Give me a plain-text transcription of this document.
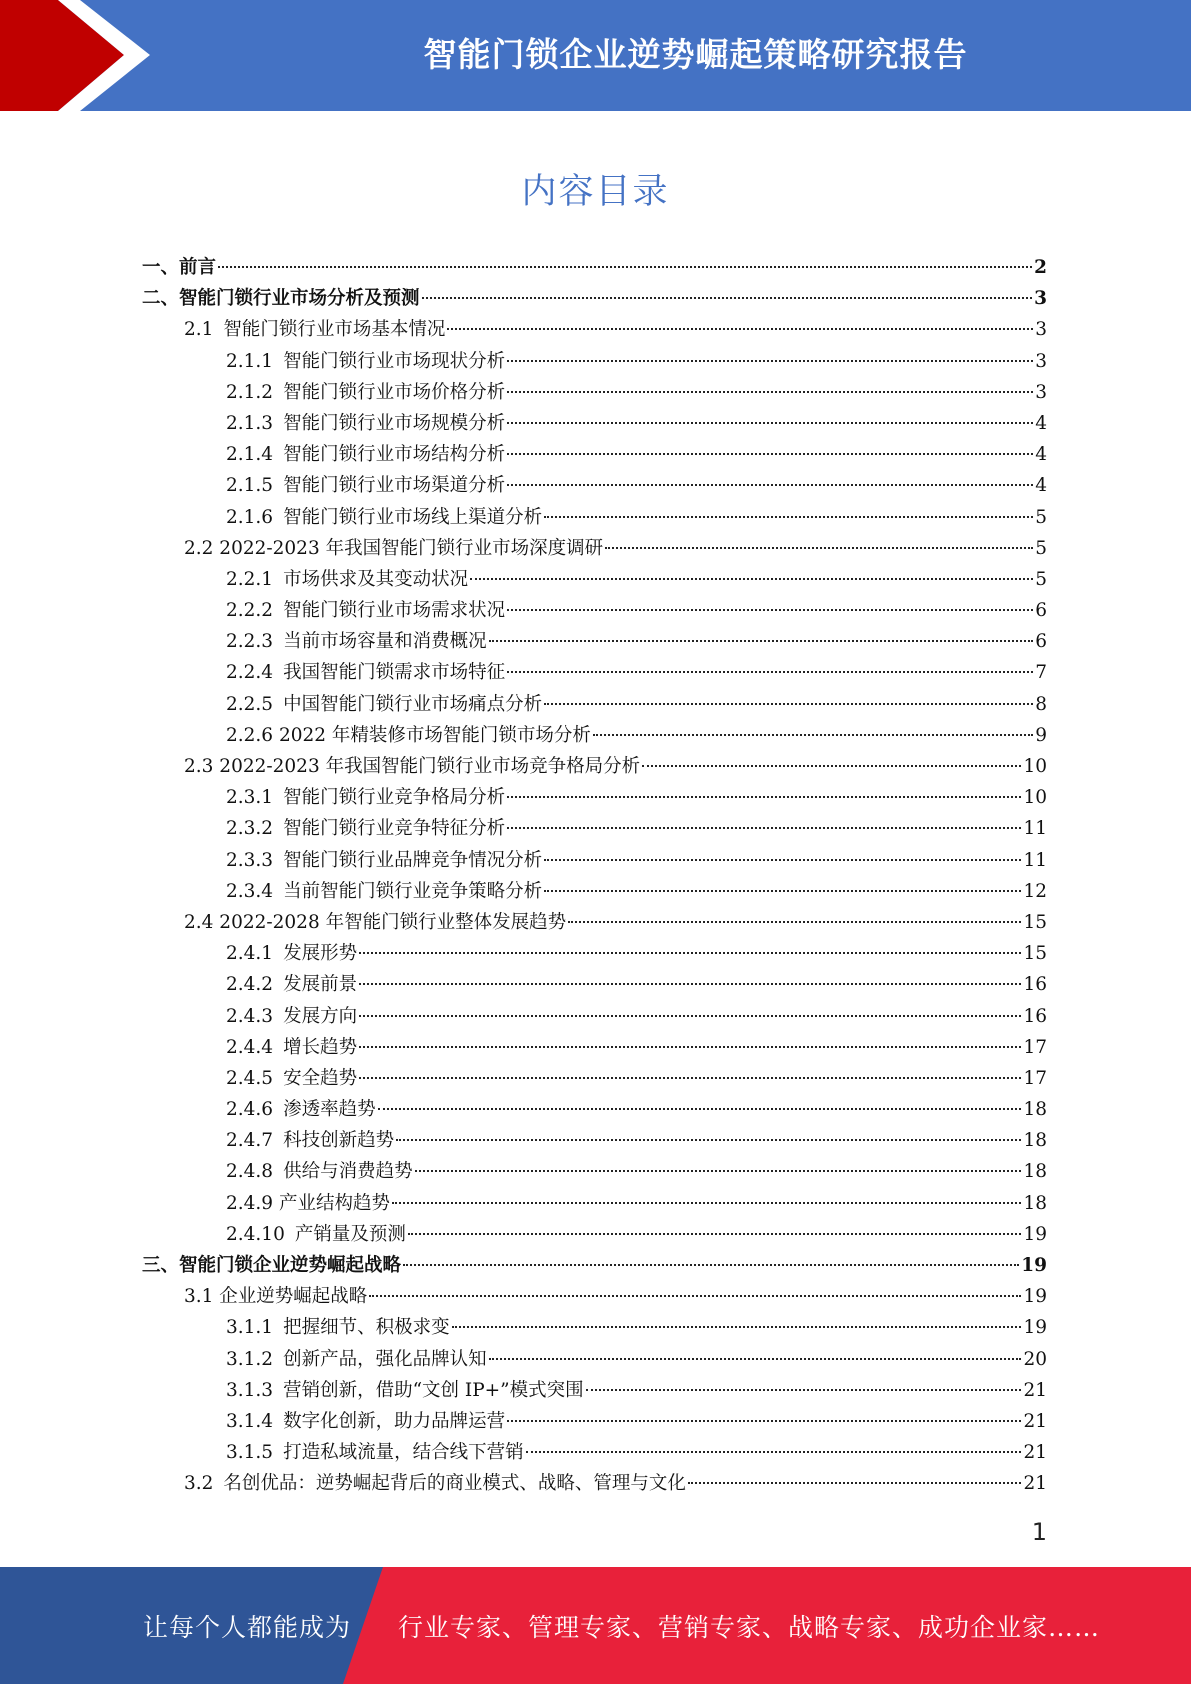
智能门锁企业逆势崛起策略研究报告
内容目录
一、前言	2
二、智能门锁行业市场分析及预测	3
2.1 智能门锁行业市场基本情况	3
2.1.1 智能门锁行业市场现状分析	3
2.1.2 智能门锁行业市场价格分析	3
2.1.3 智能门锁行业市场规模分析	4
2.1.4 智能门锁行业市场结构分析	4
2.1.5 智能门锁行业市场渠道分析	4
2.1.6 智能门锁行业市场线上渠道分析	5
2.2 2022-2023 年我国智能门锁行业市场深度调研	5
2.2.1 市场供求及其变动状况	5
2.2.2 智能门锁行业市场需求状况	6
2.2.3 当前市场容量和消费概况	6
2.2.4 我国智能门锁需求市场特征	7
2.2.5 中国智能门锁行业市场痛点分析	8
2.2.6 2022 年精装修市场智能门锁市场分析	9
2.3 2022-2023 年我国智能门锁行业市场竞争格局分析	10
2.3.1 智能门锁行业竞争格局分析	10
2.3.2 智能门锁行业竞争特征分析	11
2.3.3 智能门锁行业品牌竞争情况分析	11
2.3.4 当前智能门锁行业竞争策略分析	12
2.4 2022-2028 年智能门锁行业整体发展趋势	15
2.4.1 发展形势	15
2.4.2 发展前景	16
2.4.3 发展方向	16
2.4.4 增长趋势	17
2.4.5 安全趋势	17
2.4.6 渗透率趋势	18
2.4.7 科技创新趋势	18
2.4.8 供给与消费趋势	18
2.4.9 产业结构趋势	18
2.4.10 产销量及预测	19
三、智能门锁企业逆势崛起战略	19
3.1 企业逆势崛起战略	19
3.1.1 把握细节、积极求变	19
3.1.2 创新产品，强化品牌认知	20
3.1.3 营销创新，借助“文创 IP+”模式突围	21
3.1.4 数字化创新，助力品牌运营	21
3.1.5 打造私域流量，结合线下营销	21
3.2 名创优品：逆势崛起背后的商业模式、战略、管理与文化	21
1
让每个人都能成为 行业专家、管理专家、营销专家、战略专家、成功企业家……
